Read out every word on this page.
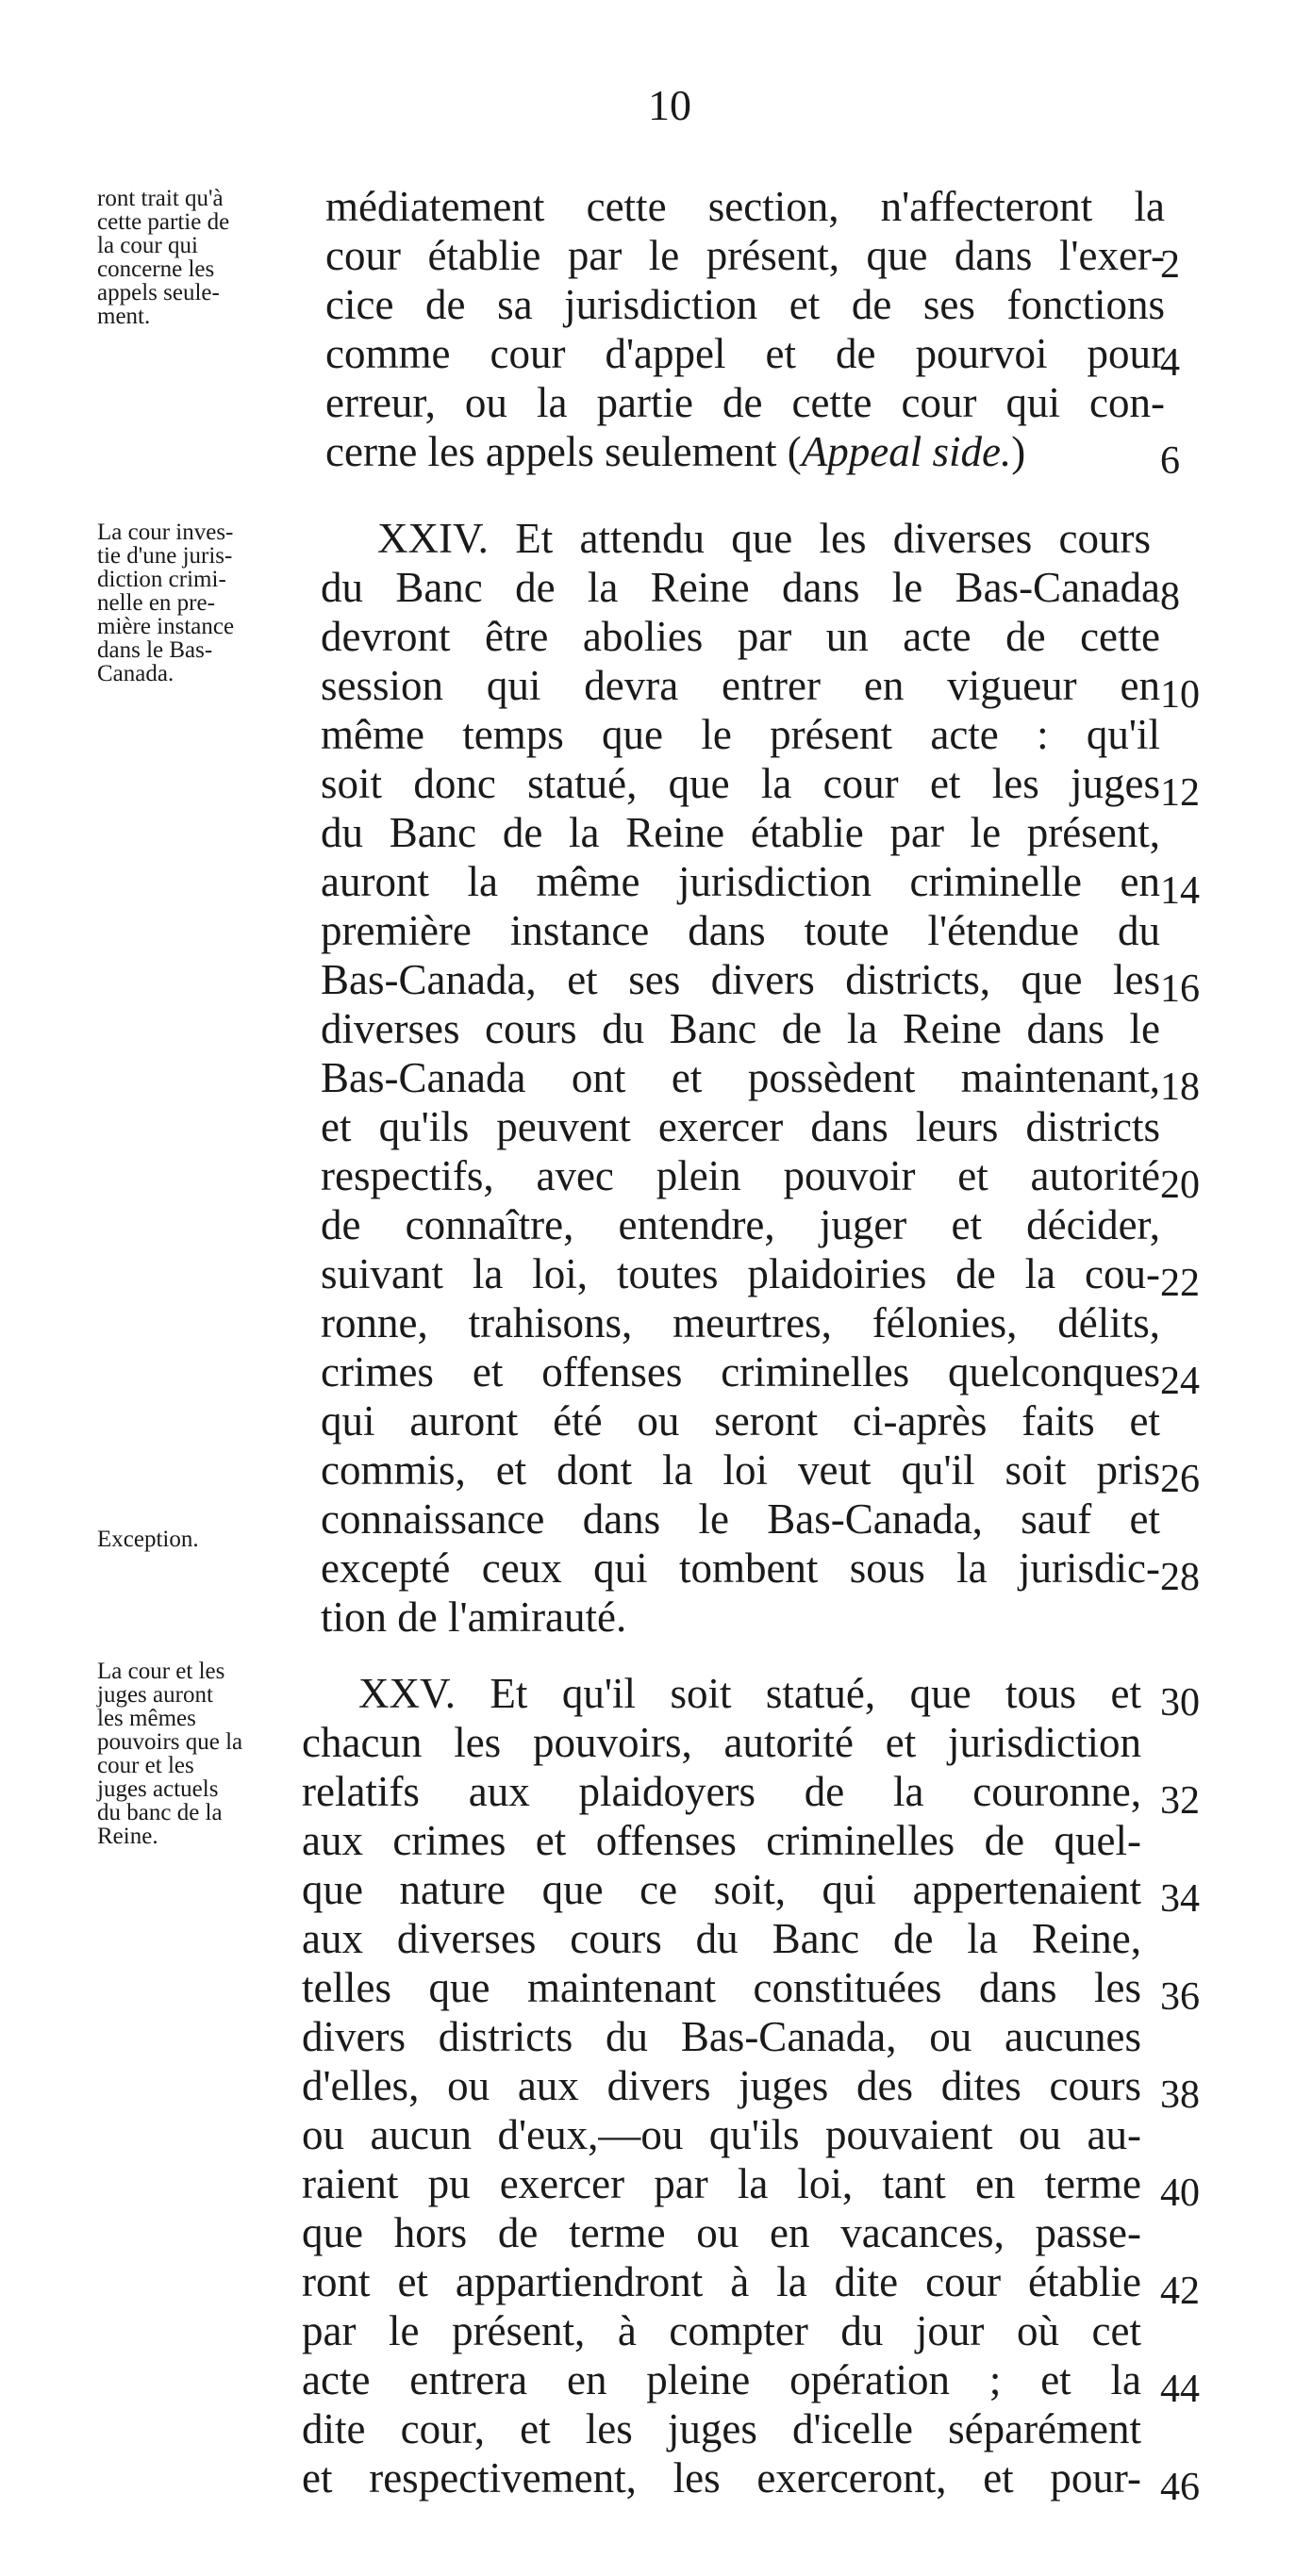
10
ront trait qu'à
cette partie de
la cour qui
concerne les
appels seule-
ment.
La cour inves-
tie d'une juris-
diction crimi-
nelle en pre-
mière instance
dans le Bas-
Canada.
Exception.
La cour et les
juges auront
les mêmes
pouvoirs que la
cour et les
juges actuels
du banc de la
Reine.
médiatement cette section, n'affecteront la
cour établie par le présent, que dans l'exer-
2
cice de sa jurisdiction et de ses fonctions
comme cour d'appel et de pourvoi pour
4
erreur, ou la partie de cette cour qui con-
cerne les appels seulement (Appeal side.)	6
XXIV. Et attendu que les diverses cours
du Banc de la Reine dans le Bas-Canada 8
devront être abolies par un acte de cette
session qui devra entrer en vigueur en 10
même temps que le présent acte : qu'il
soit donc statué, que la cour et les juges 12
du Banc de la Reine établie par le présent,
auront la même jurisdiction criminelle en 14
première instance dans toute l'étendue du
Bas-Canada, et ses divers districts, que les 16
diverses cours du Banc de la Reine dans le
Bas-Canada ont et possèdent maintenant, 18
et qu'ils peuvent exercer dans leurs districts
respectifs, avec plein pouvoir et autorité 20
de connaître, entendre, juger et décider,
suivant la loi, toutes plaidoiries de la cou- 22
ronne, trahisons, meurtres, félonies, délits,
crimes et offenses criminelles quelconques 24
qui auront été ou seront ci-après faits et
commis, et dont la loi veut qu'il soit pris 26
connaissance dans le Bas-Canada, sauf et
excepté ceux qui tombent sous la jurisdic- 28
tion de l'amirauté.
XXV. Et qu'il soit statué, que tous et 30
chacun les pouvoirs, autorité et jurisdiction
relatifs aux plaidoyers de la couronne, 32
aux crimes et offenses criminelles de quel-
que nature que ce soit, qui appertenaient 34
aux diverses cours du Banc de la Reine,
telles que maintenant constituées dans les 36
divers districts du Bas-Canada, ou aucunes
d'elles, ou aux divers juges des dites cours 38
ou aucun d'eux,—ou qu'ils pouvaient ou au-
raient pu exercer par la loi, tant en terme 40
que hors de terme ou en vacances, passe-
ront et appartiendront à la dite cour établie 42
par le présent, à compter du jour où cet
acte entrera en pleine opération ; et la 44
dite cour, et les juges d'icelle séparément
et respectivement, les exerceront, et pour- 46
